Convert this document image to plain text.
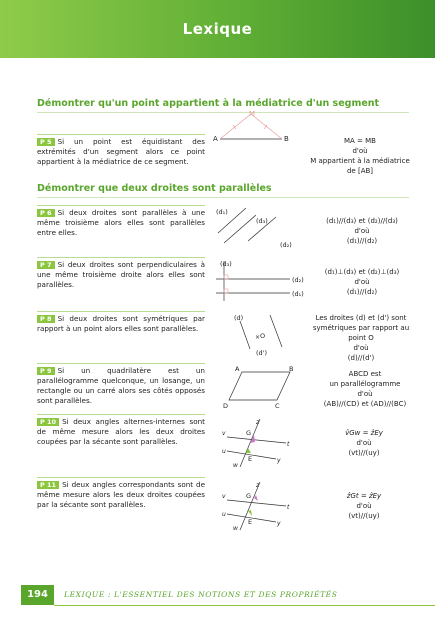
Lexique
Démontrer qu'un point appartient à la médiatrice d'un segment
P 5 Si un point est équidistant des extrémités d'un segment alors ce point appartient à la médiatrice de ce segment.
M
A	B	MA = MB
d'où
M appartient à la médiatrice
de [AB]
Démontrer que deux droites sont parallèles
P 6 Si deux droites sont parallèles à une même troisième alors elles sont parallèles entre elles.
(d₁)
(d₃)
(d₂)
(d₁)//(d₃) et (d₂)//(d₃)
d'où
(d₁)//(d₂)
P 7 Si deux droites sont perpendiculaires à une même troisième droite alors elles sont parallèles.
(d₃)
(d₂)
(d₁)
(d₁)⊥(d₃) et (d₂)⊥(d₃)
d'où
(d₁)//(d₂)
P 8 Si deux droites sont symétriques par rapport à un point alors elles sont parallèles.
(d)
× O
(d')
Les droites (d) et (d') sont
symétriques par rapport au
point O
d'où
(d)//(d')
P 9 Si un quadrilatère est un parallélogramme quelconque, un losange, un rectangle ou un carré alors ses côtés opposés sont parallèles.
A	B
D	C
ABCD est
un parallélogramme
d'où
(AB)//(CD) et (AD)//(BC)
P 10 Si deux angles alternes-internes sont de même mesure alors les deux droites coupées par la sécante sont parallèles.
z
v	G
t
u
E	y
w
v̂Gw = ẑEy
d'où
(vt)//(uy)
P 11 Si deux angles correspondants sont de même mesure alors les deux droites coupées par la sécante sont parallèles.
z
v	G
t
u
E	y
w
ẑGt = ẑEy
d'où
(vt)//(uy)
194	LEXIQUE : L'ESSENTIEL DES NOTIONS ET DES PROPRIÉTÉS
